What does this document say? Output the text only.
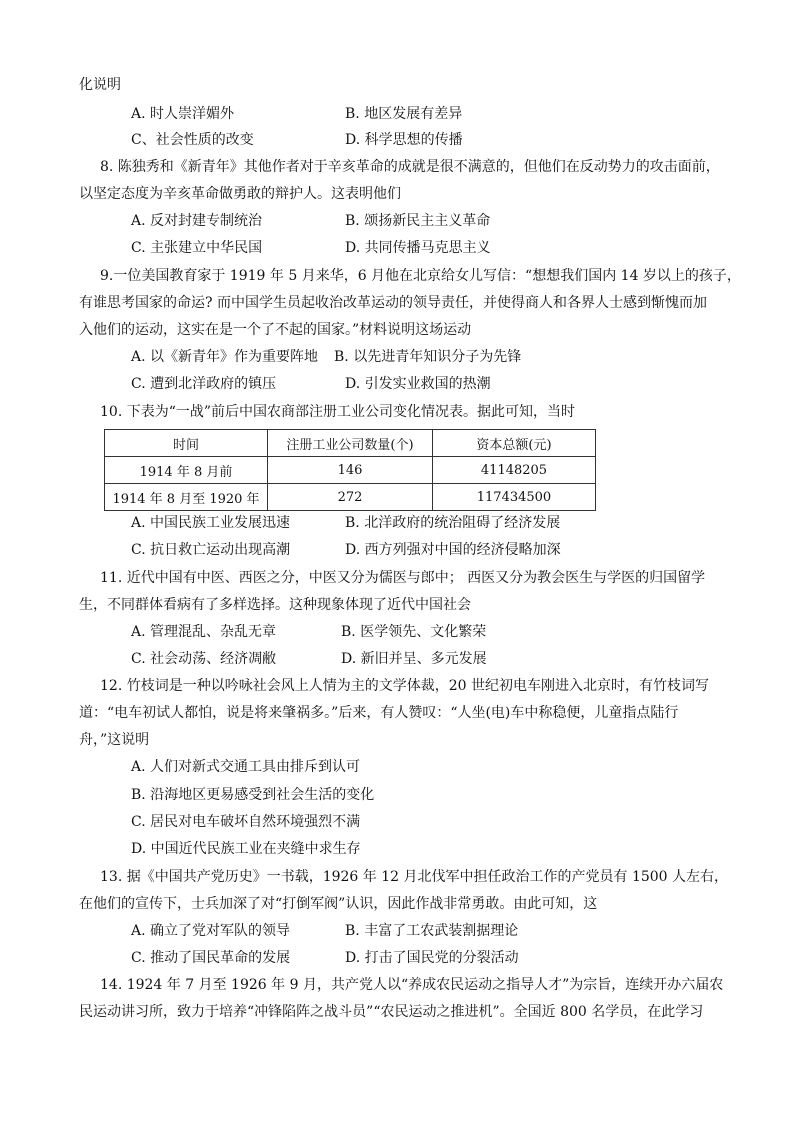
化说明
A. 时人崇洋媚外	B. 地区发展有差异
C、社会性质的改变	D. 科学思想的传播
8. 陈独秀和《新青年》其他作者对于辛亥革命的成就是很不满意的，但他们在反动势力的攻击面前，
以坚定态度为辛亥革命做勇敢的辩护人。这表明他们
A. 反对封建专制统治	B. 颂扬新民主主义革命
C. 主张建立中华民国	D. 共同传播马克思主义
9.一位美国教育家于 1919 年 5 月来华，6 月他在北京给女儿写信：“想想我们国内 14 岁以上的孩子，
有谁思考国家的命运? 而中国学生员起收治改革运动的领导责任，并使得商人和各界人士感到惭愧而加
入他们的运动，这实在是一个了不起的国家。”材料说明这场运动
A. 以《新青年》作为重要阵地 B. 以先进青年知识分子为先锋
C. 遭到北洋政府的镇压	D. 引发实业救国的热潮
10. 下表为“一战”前后中国农商部注册工业公司变化情况表。据此可知，当时
时间	注册工业公司数量(个)	资本总额(元)
1914 年 8 月前	146	41148205
1914 年 8 月至 1920 年	272	117434500
A. 中国民族工业发展迅速	B. 北洋政府的统治阻碍了经济发展
C. 抗日救亡运动出现高潮	D. 西方列强对中国的经济侵略加深
11. 近代中国有中医、西医之分，中医又分为儒医与郎中； 西医又分为教会医生与学医的归国留学
生，不同群体看病有了多样选择。这种现象体现了近代中国社会
A. 管理混乱、杂乱无章	B. 医学领先、文化繁荣
C. 社会动荡、经济凋敝	D. 新旧并呈、多元发展
12. 竹枝词是一种以吟咏社会风上人情为主的文学体裁，20 世纪初电车刚进入北京时，有竹枝词写
道：“电车初试人都怕，说是将来肇祸多。”后来，有人赞叹：“人坐(电)车中称稳便，儿童指点陆行
舟，”这说明
A. 人们对新式交通工具由排斥到认可
B. 沿海地区更易感受到社会生活的变化
C. 居民对电车破坏自然环境强烈不满
D. 中国近代民族工业在夹缝中求生存
13. 据《中国共产党历史》一书载，1926 年 12 月北伐军中担任政治工作的产党员有 1500 人左右，
在他们的宣传下，士兵加深了对“打倒军阀”认识，因此作战非常勇敢。由此可知，这
A. 确立了党对军队的领导	B. 丰富了工农武装割据理论
C. 推动了国民革命的发展	D. 打击了国民党的分裂活动
14. 1924 年 7 月至 1926 年 9 月，共产党人以“养成农民运动之指导人才”为宗旨，连续开办六届农
民运动讲习所，致力于培养“冲锋陷阵之战斗员”“农民运动之推进机”。全国近 800 名学员，在此学习
